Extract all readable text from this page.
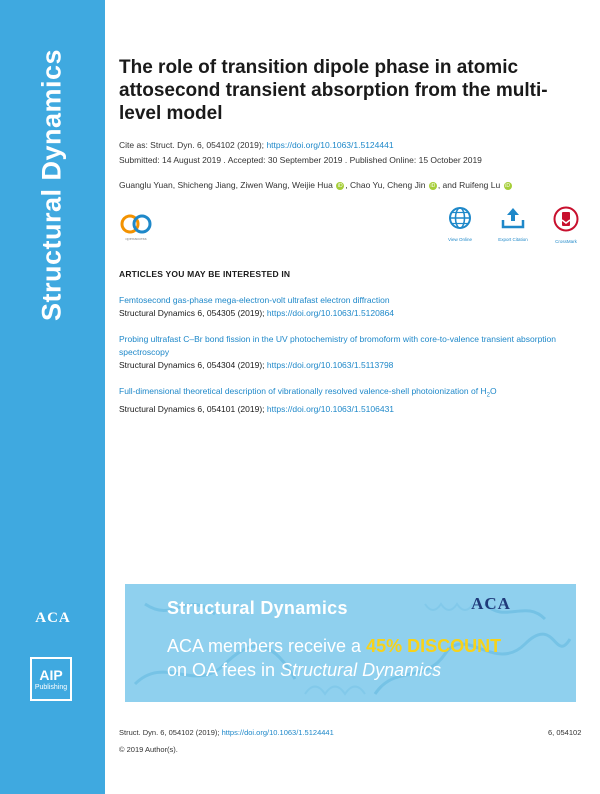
Structural Dynamics
ACA
AIP
Publishing
The role of transition dipole phase in atomic attosecond transient absorption from the multi-level model
Cite as: Struct. Dyn. 6, 054102 (2019); https://doi.org/10.1063/1.5124441
Submitted: 14 August 2019 . Accepted: 30 September 2019 . Published Online: 15 October 2019
Guanglu Yuan, Shicheng Jiang, Ziwen Wang, Weijie Hua iD , Chao Yu, Cheng Jin iD , and Ruifeng Lu iD
openaccess	View Online	Export Citation	CrossMark
ARTICLES YOU MAY BE INTERESTED IN
Femtosecond gas-phase mega-electron-volt ultrafast electron diffraction
Structural Dynamics 6, 054305 (2019); https://doi.org/10.1063/1.5120864
Probing ultrafast C–Br bond fission in the UV photochemistry of bromoform with core-to-valence transient absorption spectroscopy
Structural Dynamics 6, 054304 (2019); https://doi.org/10.1063/1.5113798
Full-dimensional theoretical description of vibrationally resolved valence-shell photoionization of $H_2O$
Structural Dynamics 6, 054101 (2019); https://doi.org/10.1063/1.5106431
Structural Dynamics	ACA
ACA members receive a 45% DISCOUNT
on OA fees in Structural Dynamics
Struct. Dyn. 6, 054102 (2019); https://doi.org/10.1063/1.5124441	6, 054102
© 2019 Author(s).
